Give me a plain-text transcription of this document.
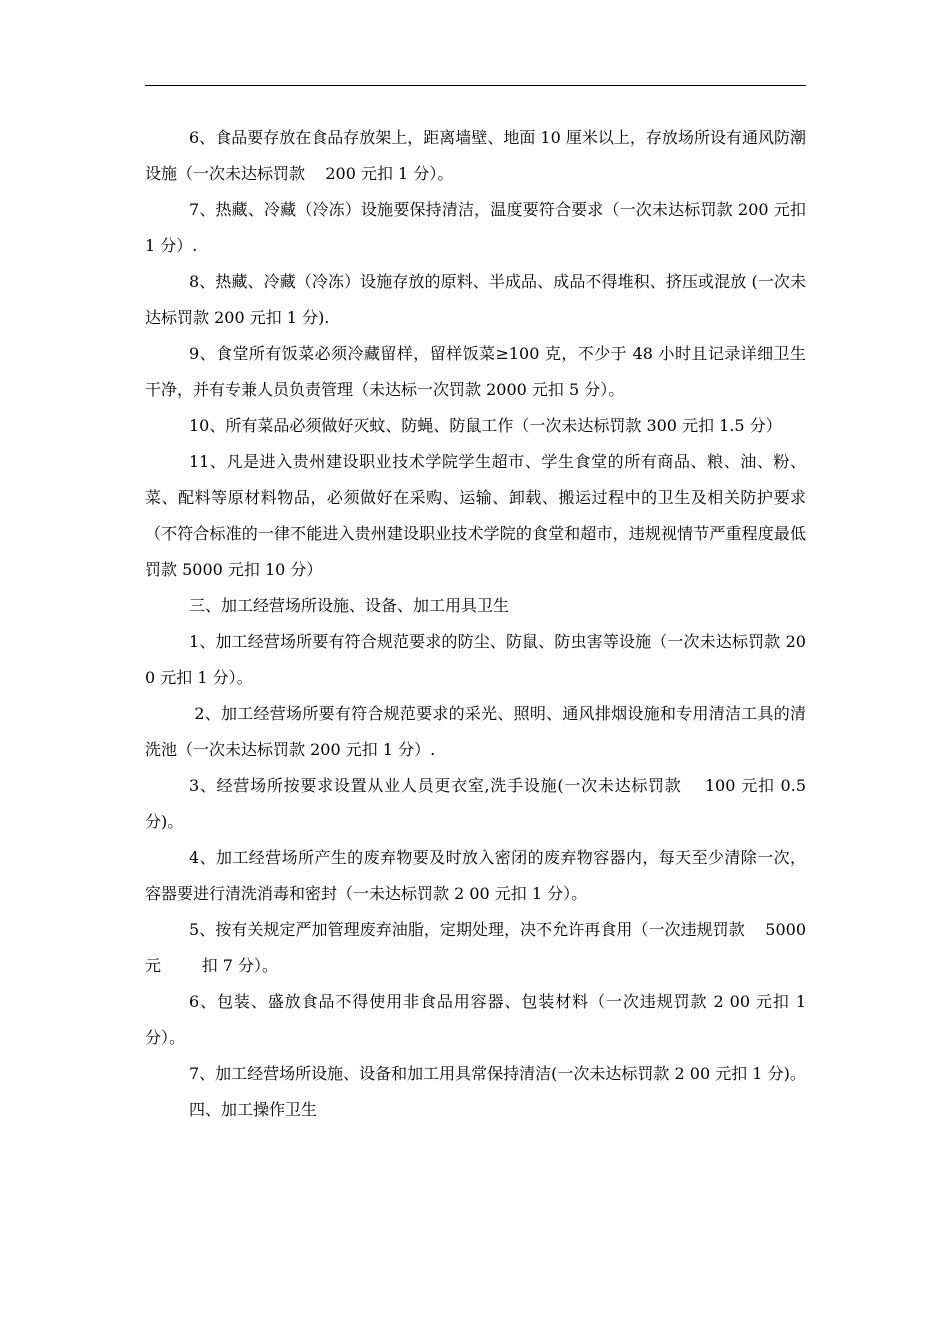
6、食品要存放在食品存放架上，距离墙壁、地面 10 厘米以上，存放场所设有通风防潮设施（一次未达标罚款    200 元扣 1 分）。

7、热藏、冷藏（冷冻）设施要保持清洁，温度要符合要求（一次未达标罚款 200 元扣 1 分）.

8、热藏、冷藏（冷冻）设施存放的原料、半成品、成品不得堆积、挤压或混放 (一次未达标罚款 200 元扣 1 分).

9、食堂所有饭菜必须冷藏留样，留样饭菜≥100 克，不少于 48 小时且记录详细卫生干净，并有专兼人员负责管理（未达标一次罚款 2000 元扣 5 分）。

10、所有菜品必须做好灭蚊、防蝇、防鼠工作（一次未达标罚款 300 元扣 1.5 分）

11、凡是进入贵州建设职业技术学院学生超市、学生食堂的所有商品、粮、油、粉、菜、配料等原材料物品，必须做好在采购、运输、卸载、搬运过程中的卫生及相关防护要求（不符合标准的一律不能进入贵州建设职业技术学院的食堂和超市，违规视情节严重程度最低罚款 5000 元扣 10 分）

三、加工经营场所设施、设备、加工用具卫生

1、加工经营场所要有符合规范要求的防尘、防鼠、防虫害等设施（一次未达标罚款 200 元扣 1 分）。

2、加工经营场所要有符合规范要求的采光、照明、通风排烟设施和专用清洁工具的清洗池（一次未达标罚款 200 元扣 1 分）.

3、经营场所按要求设置从业人员更衣室,洗手设施(一次未达标罚款    100 元扣 0.5 分)。

4、加工经营场所产生的废弃物要及时放入密闭的废弃物容器内，每天至少清除一次，容器要进行清洗消毒和密封（一未达标罚款 2 00 元扣 1 分）。

5、按有关规定严加管理废弃油脂，定期处理，决不允许再食用（一次违规罚款    5000 元        扣 7 分）。

6、包装、盛放食品不得使用非食品用容器、包装材料（一次违规罚款 2 00 元扣 1 分）。

7、加工经营场所设施、设备和加工用具常保持清洁(一次未达标罚款 2 00 元扣 1 分)。

四、加工操作卫生
